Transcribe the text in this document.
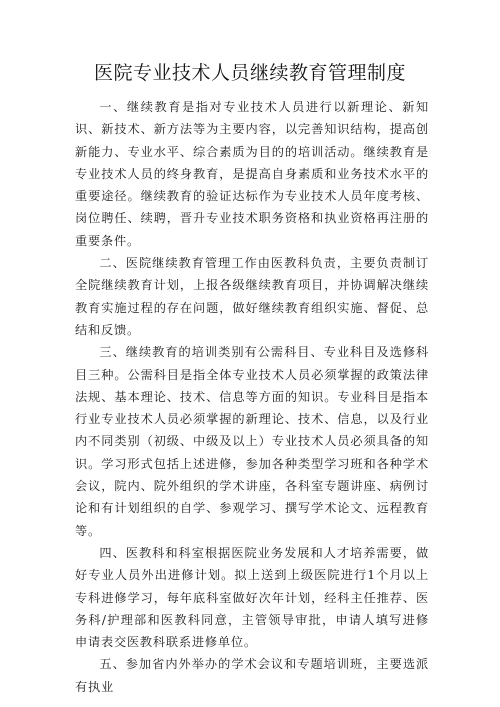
医院专业技术人员继续教育管理制度

一、继续教育是指对专业技术人员进行以新理论、新知识、新技术、新方法等为主要内容，以完善知识结构，提高创新能力、专业水平、综合素质为目的的培训活动。继续教育是专业技术人员的终身教育，是提高自身素质和业务技术水平的重要途径。继续教育的验证达标作为专业技术人员年度考核、岗位聘任、续聘，晋升专业技术职务资格和执业资格再注册的重要条件。

二、医院继续教育管理工作由医教科负责，主要负责制订全院继续教育计划，上报各级继续教育项目，并协调解决继续教育实施过程的存在问题，做好继续教育组织实施、督促、总结和反馈。

三、继续教育的培训类别有公需科目、专业科目及选修科目三种。公需科目是指全体专业技术人员必须掌握的政策法律法规、基本理论、技术、信息等方面的知识。专业科目是指本行业专业技术人员必须掌握的新理论、技术、信息，以及行业内不同类别（初级、中级及以上）专业技术人员必须具备的知识。学习形式包括上述进修，参加各种类型学习班和各种学术会议，院内、院外组织的学术讲座，各科室专题讲座、病例讨论和有计划组织的自学、参观学习、撰写学术论文、远程教育等。

四、医教科和科室根据医院业务发展和人才培养需要，做好专业人员外出进修计划。拟上送到上级医院进行1个月以上专科进修学习，每年底科室做好次年计划，经科主任推荐、医务科/护理部和医教科同意，主管领导审批，申请人填写进修申请表交医教科联系进修单位。

五、参加省内外举办的学术会议和专题培训班，主要选派有执业
